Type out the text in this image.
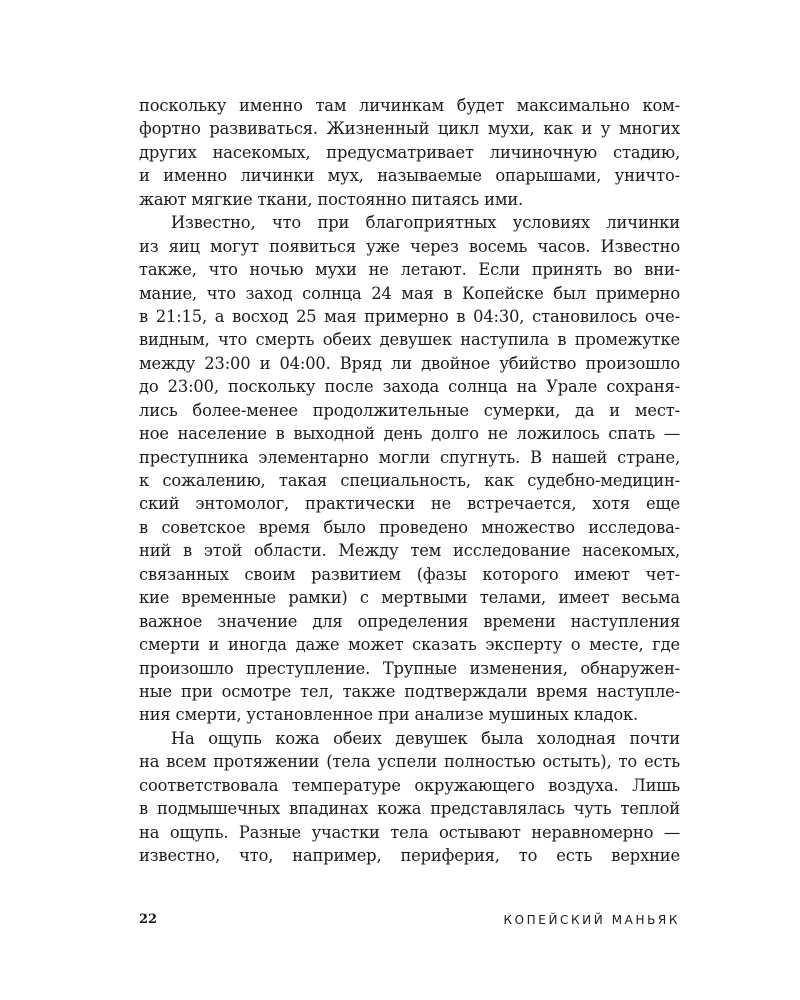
поскольку именно там личинкам будет максимально ком-
фортно развиваться. Жизненный цикл мухи, как и у многих
других насекомых, предусматривает личиночную стадию,
и именно личинки мух, называемые опарышами, уничто-
жают мягкие ткани, постоянно питаясь ими.
Известно, что при благоприятных условиях личинки
из яиц могут появиться уже через восемь часов. Известно
также, что ночью мухи не летают. Если принять во вни-
мание, что заход солнца 24 мая в Копейске был примерно
в 21:15, а восход 25 мая примерно в 04:30, становилось оче-
видным, что смерть обеих девушек наступила в промежутке
между 23:00 и 04:00. Вряд ли двойное убийство произошло
до 23:00, поскольку после захода солнца на Урале сохраня-
лись более-менее продолжительные сумерки, да и мест-
ное население в выходной день долго не ложилось спать —
преступника элементарно могли спугнуть. В нашей стране,
к сожалению, такая специальность, как судебно-медицин-
ский энтомолог, практически не встречается, хотя еще
в советское время было проведено множество исследова-
ний в этой области. Между тем исследование насекомых,
связанных своим развитием (фазы которого имеют чет-
кие временные рамки) с мертвыми телами, имеет весьма
важное значение для определения времени наступления
смерти и иногда даже может сказать эксперту о месте, где
произошло преступление. Трупные изменения, обнаружен-
ные при осмотре тел, также подтверждали время наступле-
ния смерти, установленное при анализе мушиных кладок.
На ощупь кожа обеих девушек была холодная почти
на всем протяжении (тела успели полностью остыть), то есть
соответствовала температуре окружающего воздуха. Лишь
в подмышечных впадинах кожа представлялась чуть теплой
на ощупь. Разные участки тела остывают неравномерно —
известно, что, например, периферия, то есть верхние
22	КОПЕЙСКИЙ МАНЬЯК
